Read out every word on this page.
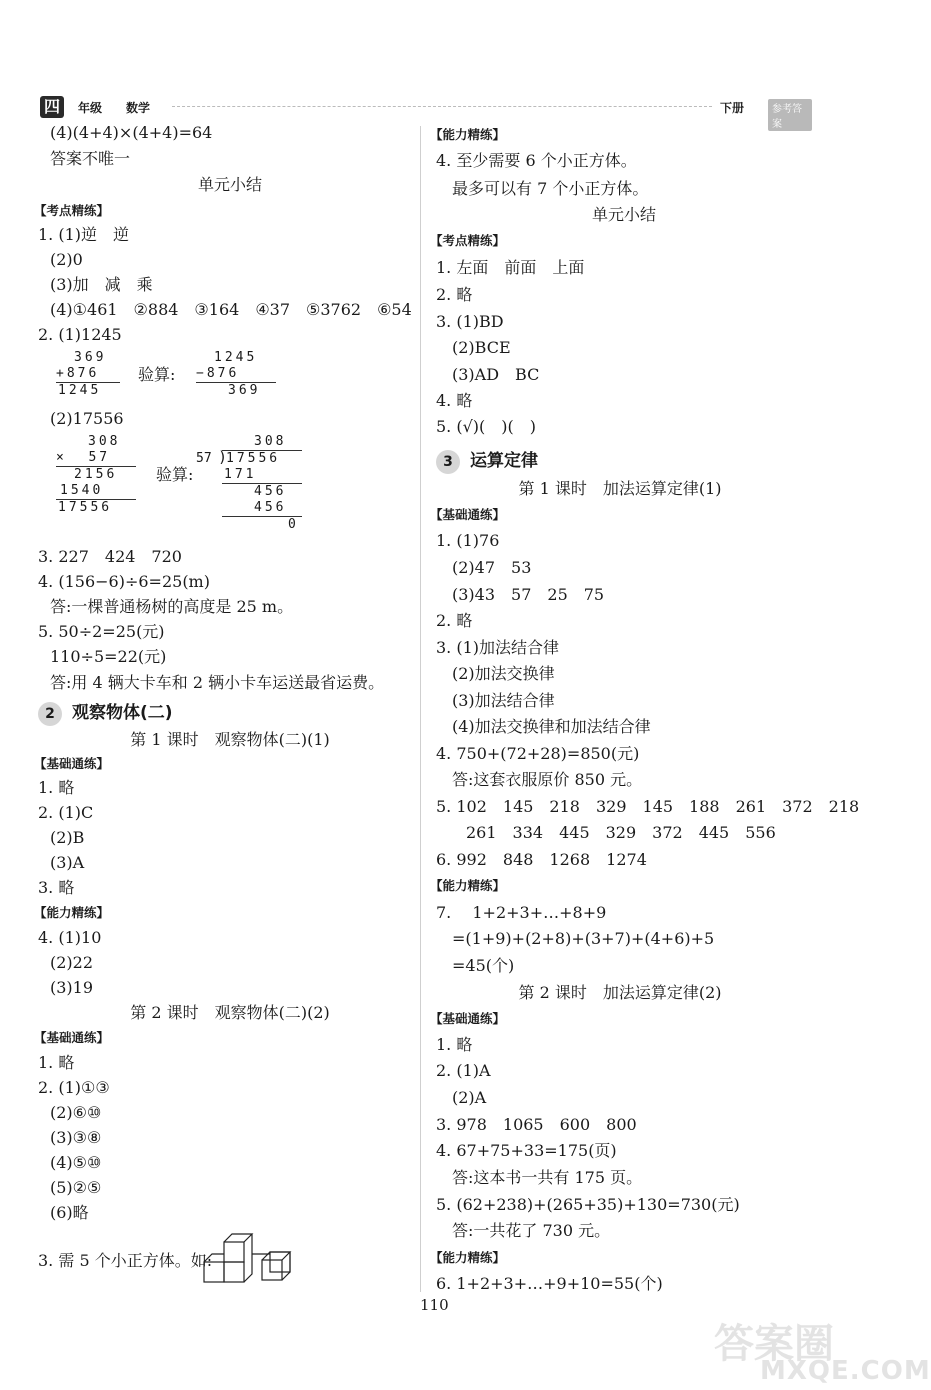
四	年级 数学	下册	参考答案
(4)(4+4)×(4+4)=64
答案不唯一
单元小结
【考点精练】
1. (1)逆　逆
(2)0
(3)加　减　乘
(4)①461　②884　③164　④37　⑤3762　⑥54
2. (1)1245
369
+876
1245
验算:
1245
−876
369
(2)17556
308
×  57
2156
1540
17556
验算:
308
57 )
17556
171
456
456
0
3. 227　424　720
4. (156−6)÷6=25(m)
答:一棵普通杨树的高度是 25 m。
5. 50÷2=25(元)
110÷5=22(元)
答:用 4 辆大卡车和 2 辆小卡车运送最省运费。
2 观察物体(二)
第 1 课时　观察物体(二)(1)
【基础通练】
1. 略
2. (1)C
(2)B
(3)A
3. 略
【能力精练】
4. (1)10
(2)22
(3)19
第 2 课时　观察物体(二)(2)
【基础通练】
1. 略
2. (1)①③
(2)⑥⑩
(3)③⑧
(4)⑤⑩
(5)②⑤
(6)略
3. 需 5 个小正方体。如:
【能力精练】
4. 至少需要 6 个小正方体。
最多可以有 7 个小正方体。
单元小结
【考点精练】
1. 左面　前面　上面
2. 略
3. (1)BD
(2)BCE
(3)AD　BC
4. 略
5. (√)(　)(　)
3 运算定律
第 1 课时　加法运算定律(1)
【基础通练】
1. (1)76
(2)47　53
(3)43　57　25　75
2. 略
3. (1)加法结合律
(2)加法交换律
(3)加法结合律
(4)加法交换律和加法结合律
4. 750+(72+28)=850(元)
答:这套衣服原价 850 元。
5. 102　145　218　329　145　188　261　372　218
261　334　445　329　372　445　556
6. 992　848　1268　1274
【能力精练】
7. 　1+2+3+…+8+9
=(1+9)+(2+8)+(3+7)+(4+6)+5
=45(个)
第 2 课时　加法运算定律(2)
【基础通练】
1. 略
2. (1)A
(2)A
3. 978　1065　600　800
4. 67+75+33=175(页)
答:这本书一共有 175 页。
5. (62+238)+(265+35)+130=730(元)
答:一共花了 730 元。
【能力精练】
6. 1+2+3+…+9+10=55(个)
110
答案圈
MXQE.COM
